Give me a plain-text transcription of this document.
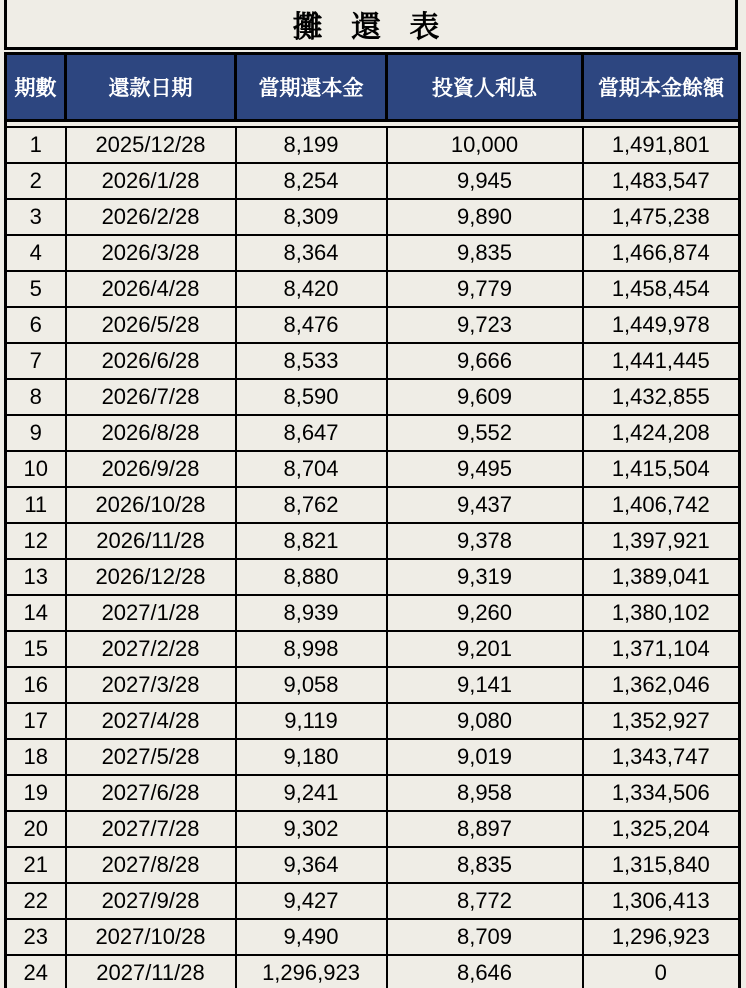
攤 還 表
期數	還款日期	當期還本金	投資人利息	當期本金餘額

1	2025/12/28	8,199	10,000	1,491,801
2	2026/1/28	8,254	9,945	1,483,547
3	2026/2/28	8,309	9,890	1,475,238
4	2026/3/28	8,364	9,835	1,466,874
5	2026/4/28	8,420	9,779	1,458,454
6	2026/5/28	8,476	9,723	1,449,978
7	2026/6/28	8,533	9,666	1,441,445
8	2026/7/28	8,590	9,609	1,432,855
9	2026/8/28	8,647	9,552	1,424,208
10	2026/9/28	8,704	9,495	1,415,504
11	2026/10/28	8,762	9,437	1,406,742
12	2026/11/28	8,821	9,378	1,397,921
13	2026/12/28	8,880	9,319	1,389,041
14	2027/1/28	8,939	9,260	1,380,102
15	2027/2/28	8,998	9,201	1,371,104
16	2027/3/28	9,058	9,141	1,362,046
17	2027/4/28	9,119	9,080	1,352,927
18	2027/5/28	9,180	9,019	1,343,747
19	2027/6/28	9,241	8,958	1,334,506
20	2027/7/28	9,302	8,897	1,325,204
21	2027/8/28	9,364	8,835	1,315,840
22	2027/9/28	9,427	8,772	1,306,413
23	2027/10/28	9,490	8,709	1,296,923
24	2027/11/28	1,296,923	8,646	0
